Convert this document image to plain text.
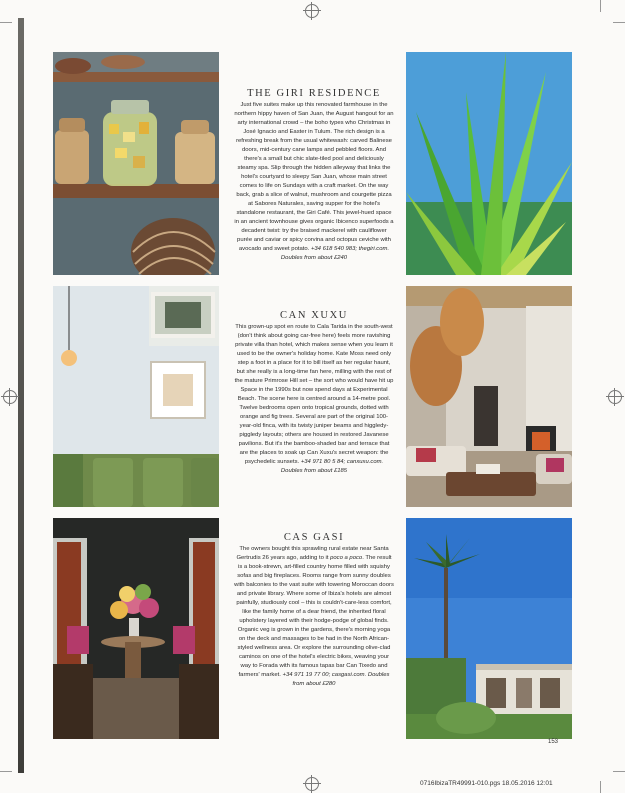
THE GIRI RESIDENCE

Just five suites make up this renovated farmhouse in the northern hippy haven of San Juan, the August hangout for an arty international crowd – the boho types who Christmas in José Ignacio and Easter in Tulum. The rich design is a refreshing break from the usual whitewash: carved Balinese doors, mid-century cane lamps and pebbled floors. And there's a small but chic slate-tiled pool and deliciously steamy spa. Slip through the hidden alleyway that links the hotel's courtyard to sleepy San Juan, whose main street comes to life on Sundays with a craft market. On the way back, grab a slice of walnut, mushroom and courgette pizza at Sabores Naturales, saving supper for the hotel's standalone restaurant, the Giri Café. This jewel-hued space in an ancient townhouse gives organic Ibicenco superfoods a decadent twist: try the braised mackerel with cauliflower purée and caviar or spicy corvina and octopus ceviche with avocado and sweet potato. +34 618 540 983; thegiri.com. Doubles from about £240

CAN XUXU

This grown-up spot en route to Cala Tarida in the south-west (don't think about going car-free here) feels more ravishing private villa than hotel, which makes sense when you learn it used to be the owner's holiday home. Kate Moss need only step a foot in a place for it to bill itself as her regular haunt, but she really is a long-time fan here, milling with the rest of the mature Primrose Hill set – the sort who would have hit up Space in the 1990s but now spend days at Experimental Beach. The scene here is centred around a 14-metre pool. Twelve bedrooms open onto tropical grounds, dotted with orange and fig trees. Several are part of the original 100-year-old finca, with its twisty juniper beams and higgledy-piggledy layouts; others are housed in restored Javanese pavilions. But it's the bamboo-shaded bar and terrace that are the places to soak up Can Xuxu's secret weapon: the psychedelic sunsets. +34 971 80 5 84; canxuxu.com. Doubles from about £185

CAS GASI

The owners bought this sprawling rural estate near Santa Gertrudis 26 years ago, adding to it poco a poco. The result is a book-strewn, art-filled country home filled with squishy sofas and big fireplaces. Rooms range from sunny doubles with balconies to the vast suite with towering Moroccan doors and private library. Where some of Ibiza's hotels are almost painfully, studiously cool – this is couldn't-care-less comfort, like the family home of a dear friend, the inherited floral upholstery layered with their hodge-podge of global finds. Organic veg is grown in the gardens, there's morning yoga on the deck and massages to be had in the North African-styled wellness area. Or explore the surrounding olive-clad caminos on one of the hotel's electric bikes, weaving your way to Forada with its famous tapas bar Can Tixedo and farmers' market. +34 971 19 77 00; casgasi.com. Doubles from about £280

153
0716IbizaTR49991-010.pgs 18.05.2016 12:01
